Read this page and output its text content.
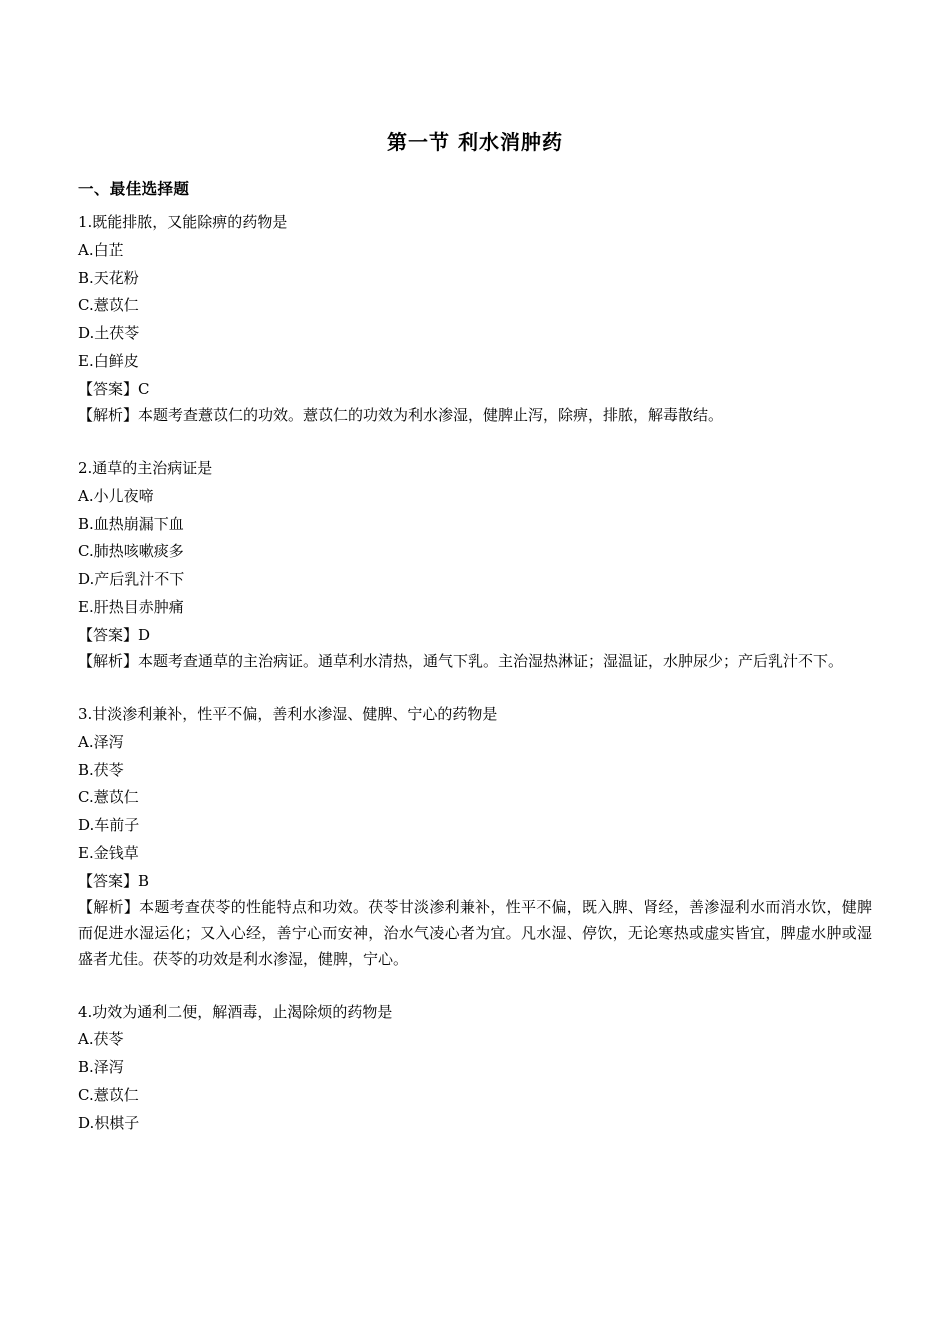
第一节 利水消肿药
一、最佳选择题

1.既能排脓，又能除痹的药物是

A.白芷

B.天花粉

C.薏苡仁

D.土茯苓

E.白鲜皮

【答案】C

【解析】本题考查薏苡仁的功效。薏苡仁的功效为利水渗湿，健脾止泻，除痹，排脓，解毒散结。

2.通草的主治病证是

A.小儿夜啼

B.血热崩漏下血

C.肺热咳嗽痰多

D.产后乳汁不下

E.肝热目赤肿痛

【答案】D

【解析】本题考查通草的主治病证。通草利水清热，通气下乳。主治湿热淋证；湿温证，水肿尿少；产后乳汁不下。

3.甘淡渗利兼补，性平不偏，善利水渗湿、健脾、宁心的药物是

A.泽泻

B.茯苓

C.薏苡仁

D.车前子

E.金钱草

【答案】B

【解析】本题考查茯苓的性能特点和功效。茯苓甘淡渗利兼补，性平不偏，既入脾、肾经，善渗湿利水而消水饮，健脾而促进水湿运化；又入心经，善宁心而安神，治水气凌心者为宜。凡水湿、停饮，无论寒热或虚实皆宜，脾虚水肿或湿盛者尤佳。茯苓的功效是利水渗湿，健脾，宁心。

4.功效为通利二便，解酒毒，止渴除烦的药物是

A.茯苓

B.泽泻

C.薏苡仁

D.枳棋子
